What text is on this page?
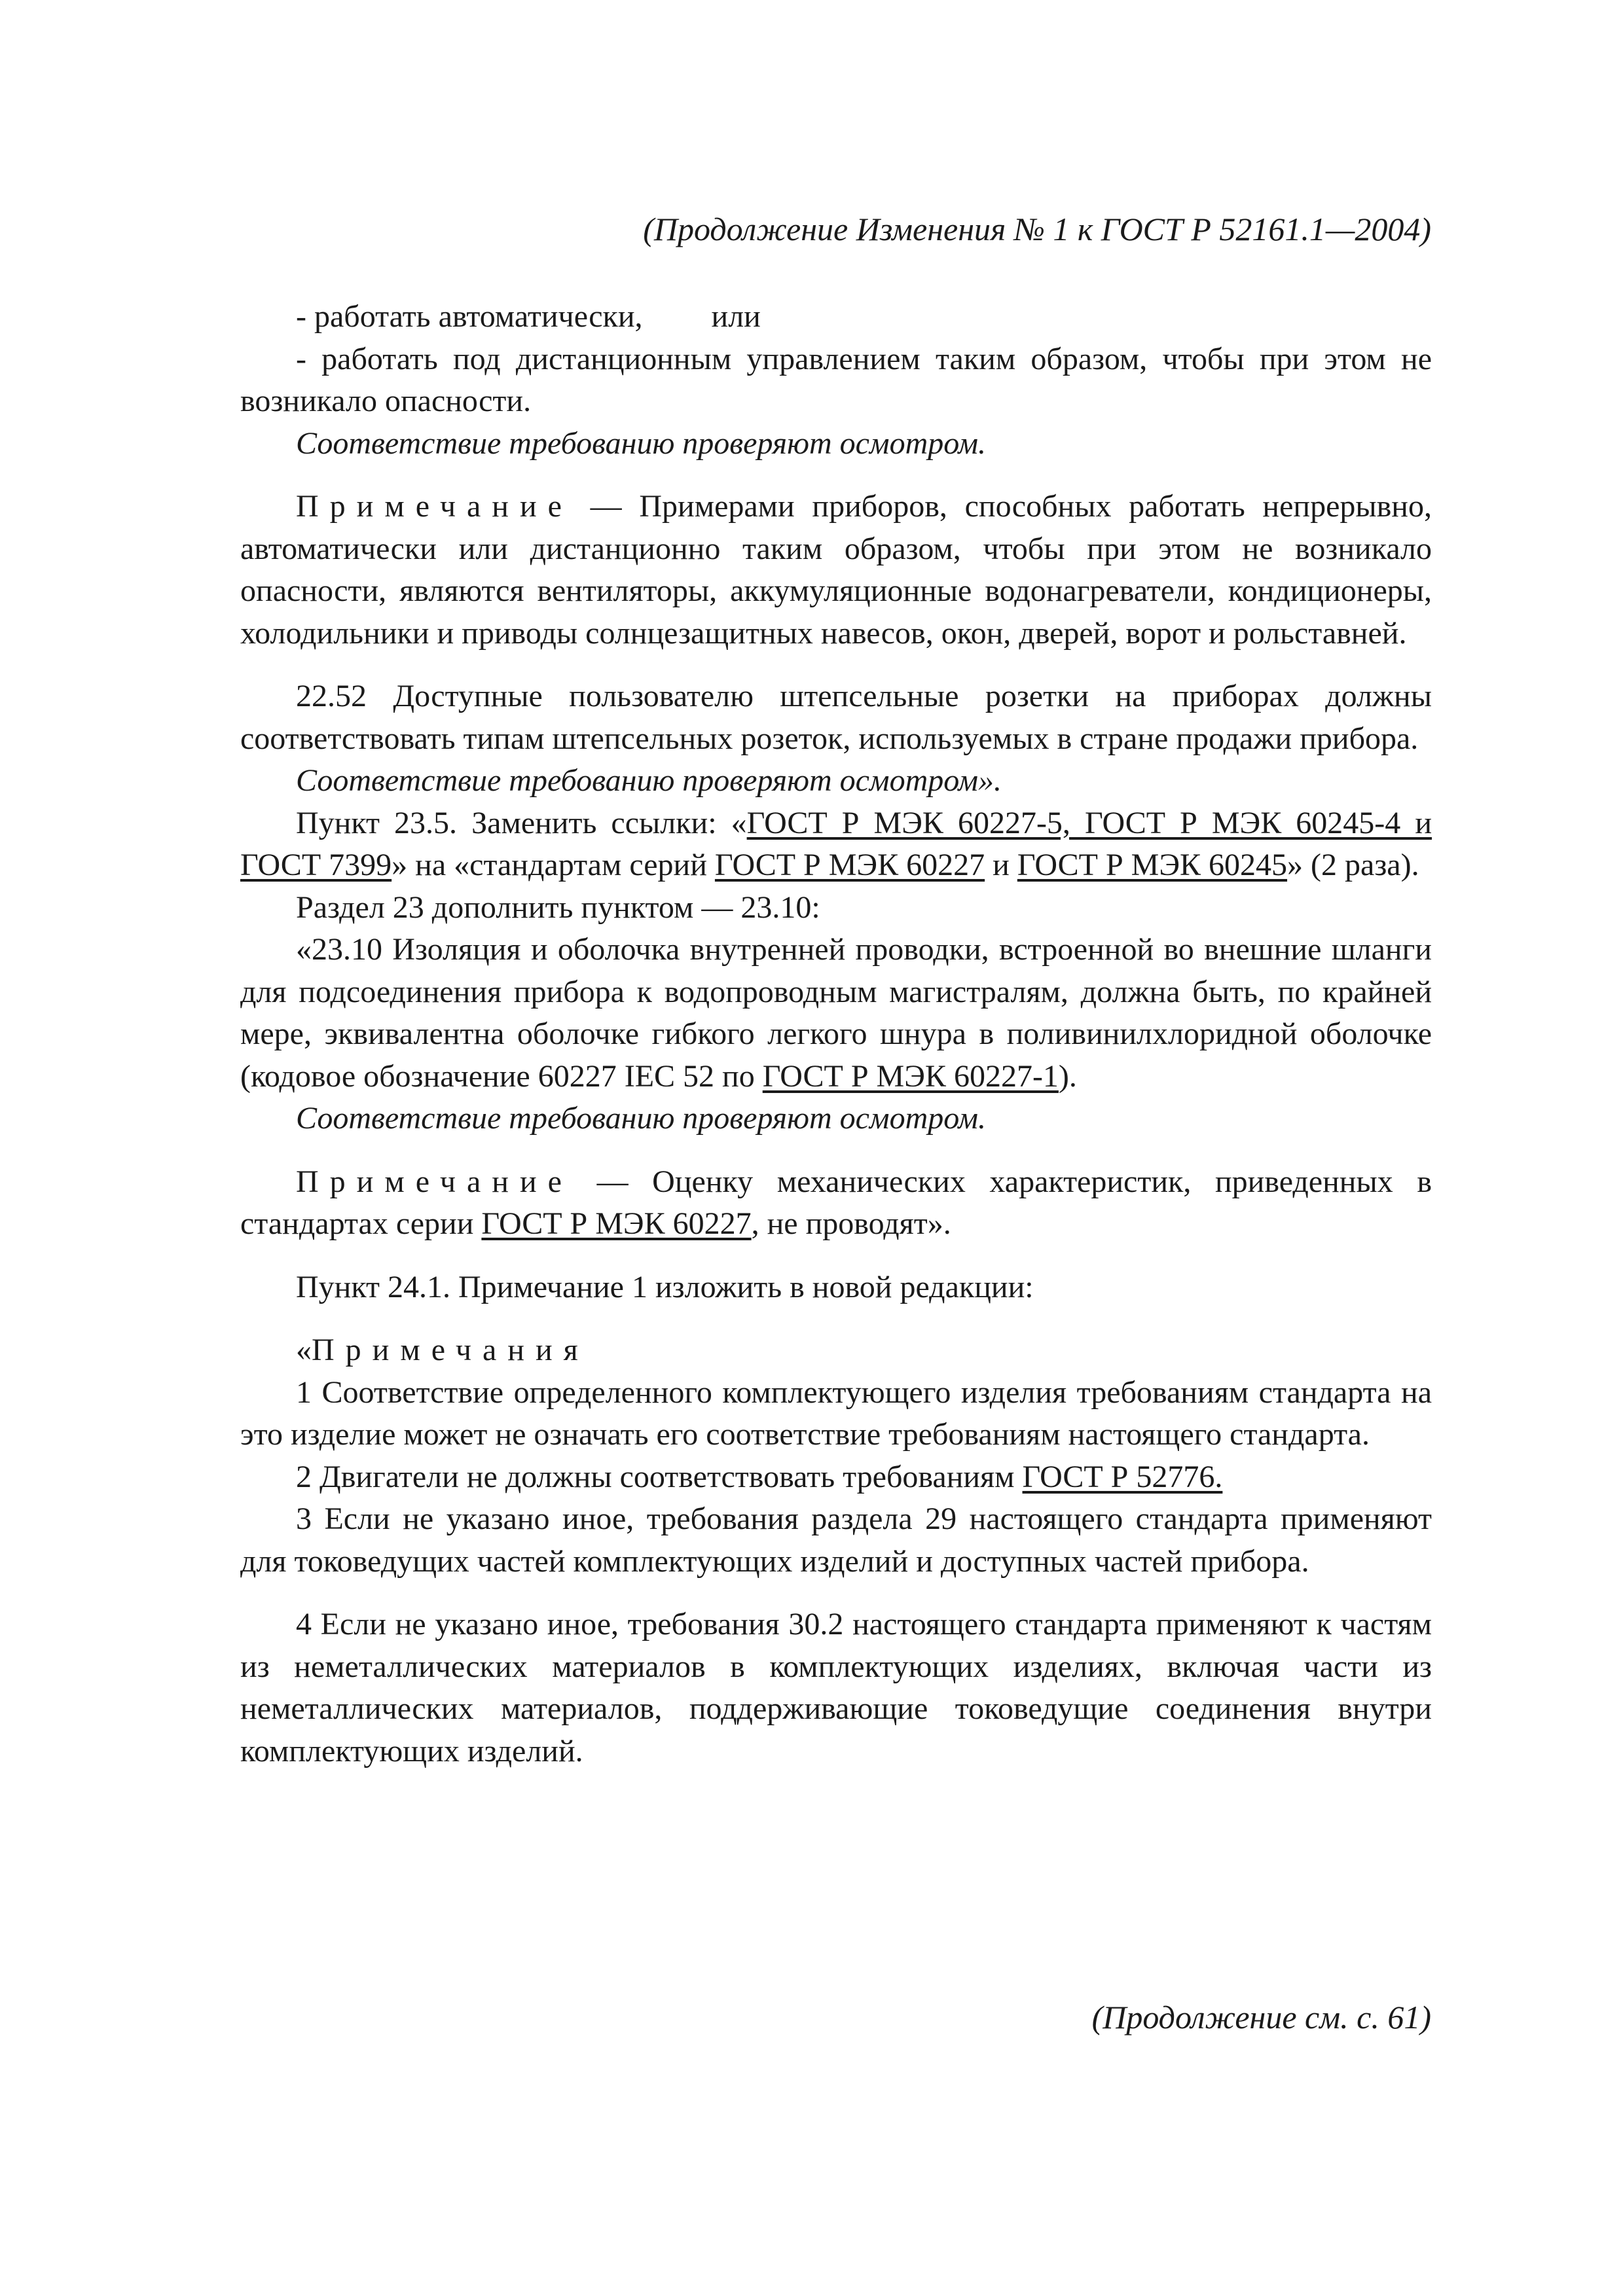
(Продолжение Изменения № 1 к ГОСТ Р 52161.1—2004)

- работать автоматически, или

- работать под дистанционным управлением таким образом, чтобы при этом не возникало опасности.

Соответствие требованию проверяют осмотром.

Примечание — Примерами приборов, способных работать непрерывно, автоматически или дистанционно таким образом, чтобы при этом не возникало опасности, являются вентиляторы, аккумуляционные водонагреватели, кондиционеры, холодильники и приводы солнцезащитных навесов, окон, дверей, ворот и рольставней.

22.52 Доступные пользователю штепсельные розетки на приборах должны соответствовать типам штепсельных розеток, используемых в стране продажи прибора.

Соответствие требованию проверяют осмотром».

Пункт 23.5. Заменить ссылки: «ГОСТ Р МЭК 60227-5, ГОСТ Р МЭК 60245-4 и ГОСТ 7399» на «стандартам серий ГОСТ Р МЭК 60227 и ГОСТ Р МЭК 60245» (2 раза).

Раздел 23 дополнить пунктом — 23.10:

«23.10 Изоляция и оболочка внутренней проводки, встроенной во внешние шланги для подсоединения прибора к водопроводным магистралям, должна быть, по крайней мере, эквивалентна оболочке гибкого легкого шнура в поливинилхлоридной оболочке (кодовое обозначение 60227 IEC 52 по ГОСТ Р МЭК 60227-1).

Соответствие требованию проверяют осмотром.

Примечание — Оценку механических характеристик, приведенных в стандартах серии ГОСТ Р МЭК 60227, не проводят».

Пункт 24.1. Примечание 1 изложить в новой редакции:

«Примечания

1 Соответствие определенного комплектующего изделия требованиям стандарта на это изделие может не означать его соответствие требованиям настоящего стандарта.

2 Двигатели не должны соответствовать требованиям ГОСТ Р 52776.

3 Если не указано иное, требования раздела 29 настоящего стандарта применяют для токоведущих частей комплектующих изделий и доступных частей прибора.

4 Если не указано иное, требования 30.2 настоящего стандарта применяют к частям из неметаллических материалов в комплектующих изделиях, включая части из неметаллических материалов, поддерживающие токоведущие соединения внутри комплектующих изделий.

(Продолжение см. с. 61)
